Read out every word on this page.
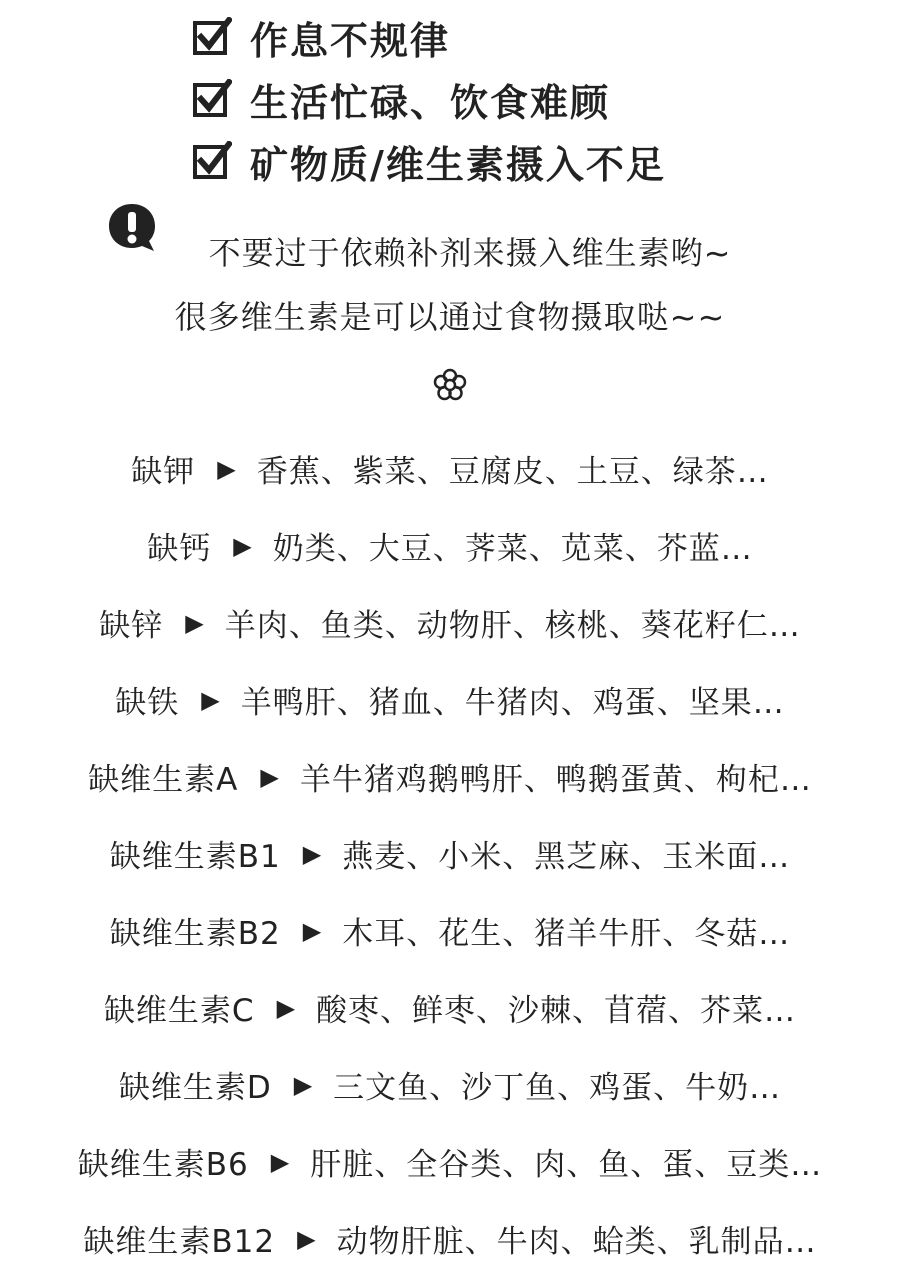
作息不规律
生活忙碌、饮食难顾
矿物质/维生素摄入不足
不要过于依赖补剂来摄入维生素哟~
很多维生素是可以通过食物摄取哒~~
缺钾 ▶ 香蕉、紫菜、豆腐皮、土豆、绿茶…
缺钙 ▶ 奶类、大豆、荠菜、苋菜、芥蓝…
缺锌 ▶ 羊肉、鱼类、动物肝、核桃、葵花籽仁…
缺铁 ▶ 羊鸭肝、猪血、牛猪肉、鸡蛋、坚果…
缺维生素A ▶ 羊牛猪鸡鹅鸭肝、鸭鹅蛋黄、枸杞…
缺维生素B1 ▶ 燕麦、小米、黑芝麻、玉米面…
缺维生素B2 ▶ 木耳、花生、猪羊牛肝、冬菇…
缺维生素C ▶ 酸枣、鲜枣、沙棘、苜蓿、芥菜…
缺维生素D ▶ 三文鱼、沙丁鱼、鸡蛋、牛奶…
缺维生素B6 ▶ 肝脏、全谷类、肉、鱼、蛋、豆类…
缺维生素B12 ▶ 动物肝脏、牛肉、蛤类、乳制品…
